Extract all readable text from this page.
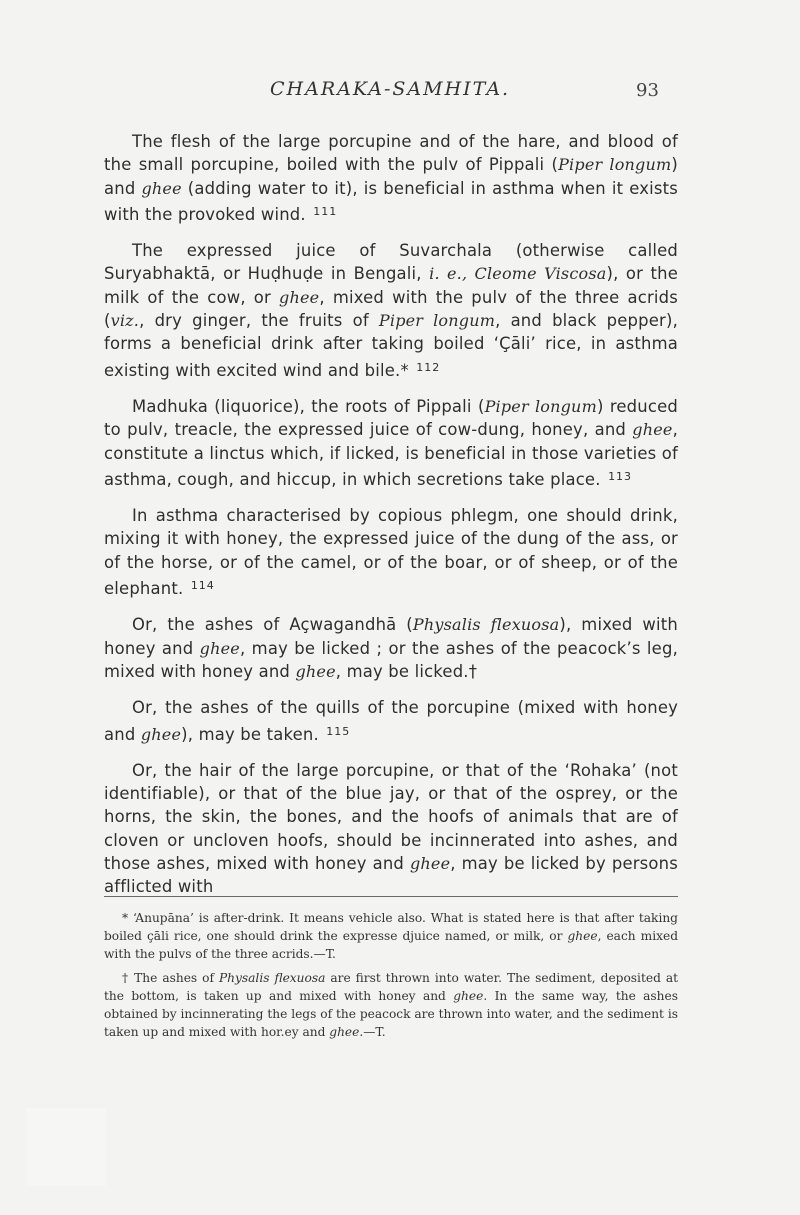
CHARAKA-SAMHITA.	93

The flesh of the large porcupine and of the hare, and blood of the small porcupine, boiled with the pulv of Pippali (Piper longum) and ghee (adding water to it), is beneficial in asthma when it exists with the provoked wind. $^{111}$

The expressed juice of Suvarchala (otherwise called Suryabhaktā, or Huḍhuḍe in Bengali, i. e., Cleome Viscosa), or the milk of the cow, or ghee, mixed with the pulv of the three acrids (viz., dry ginger, the fruits of Piper longum, and black pepper), forms a beneficial drink after taking boiled ‘Çāli’ rice, in asthma existing with excited wind and bile.* $^{112}$

Madhuka (liquorice), the roots of Pippali (Piper longum) reduced to pulv, treacle, the expressed juice of cow-dung, honey, and ghee, constitute a linctus which, if licked, is beneficial in those varieties of asthma, cough, and hiccup, in which secretions take place. $^{113}$

In asthma characterised by copious phlegm, one should drink, mixing it with honey, the expressed juice of the dung of the ass, or of the horse, or of the camel, or of the boar, or of sheep, or of the elephant. $^{114}$

Or, the ashes of Açwagandhā (Physalis flexuosa), mixed with honey and ghee, may be licked ; or the ashes of the peacock’s leg, mixed with honey and ghee, may be licked.†

Or, the ashes of the quills of the porcupine (mixed with honey and ghee), may be taken. $^{115}$

Or, the hair of the large porcupine, or that of the ‘Rohaka’ (not identifiable), or that of the blue jay, or that of the osprey, or the horns, the skin, the bones, and the hoofs of animals that are of cloven or uncloven hoofs, should be incinnerated into ashes, and those ashes, mixed with honey and ghee, may be licked by persons afflicted with

* ‘Anupāna’ is after-drink. It means vehicle also. What is stated here is that after taking boiled çāli rice, one should drink the expresse djuice named, or milk, or ghee, each mixed with the pulvs of the three acrids.—T.

† The ashes of Physalis flexuosa are first thrown into water. The sediment, deposited at the bottom, is taken up and mixed with honey and ghee. In the same way, the ashes obtained by incinnerating the legs of the peacock are thrown into water, and the sediment is taken up and mixed with hor.ey and ghee.—T.
